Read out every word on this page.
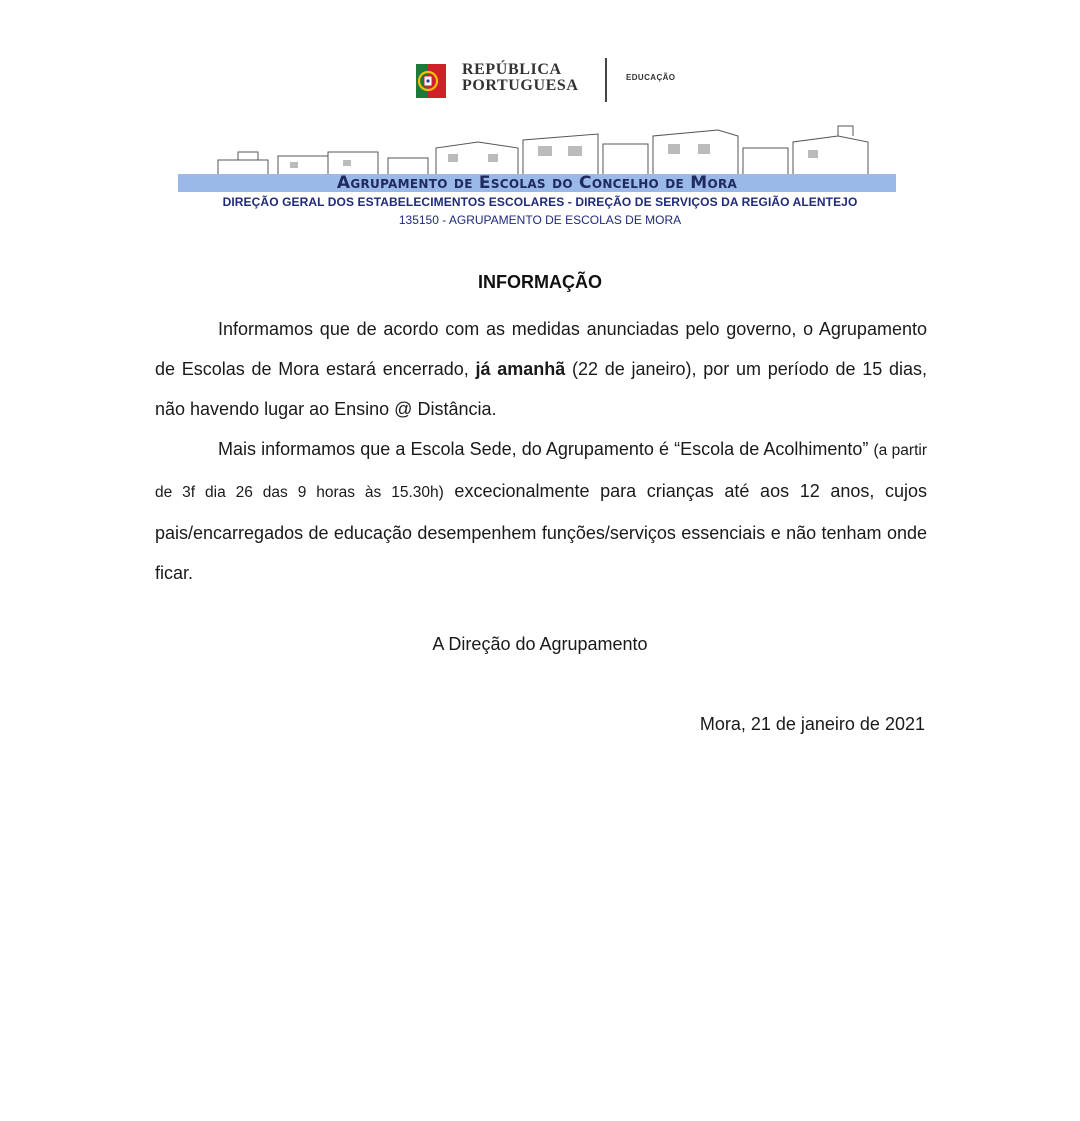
REPÚBLICA
PORTUGUESA	EDUCAÇÃO
Agrupamento de Escolas do Concelho de Mora
DIREÇÃO GERAL DOS ESTABELECIMENTOS ESCOLARES - DIREÇÃO DE SERVIÇOS DA REGIÃO ALENTEJO
135150 - AGRUPAMENTO DE ESCOLAS DE MORA
INFORMAÇÃO

Informamos que de acordo com as medidas anunciadas pelo governo, o Agrupamento de Escolas de Mora estará encerrado, já amanhã (22 de janeiro), por um período de 15 dias, não havendo lugar ao Ensino @ Distância.

Mais informamos que a Escola Sede, do Agrupamento é “Escola de Acolhimento” (a partir de 3f dia 26 das 9 horas às 15.30h) excecionalmente para crianças até aos 12 anos, cujos pais/encarregados de educação desempenhem funções/serviços essenciais e não tenham onde ficar.

A Direção do Agrupamento
Mora, 21 de janeiro de 2021
